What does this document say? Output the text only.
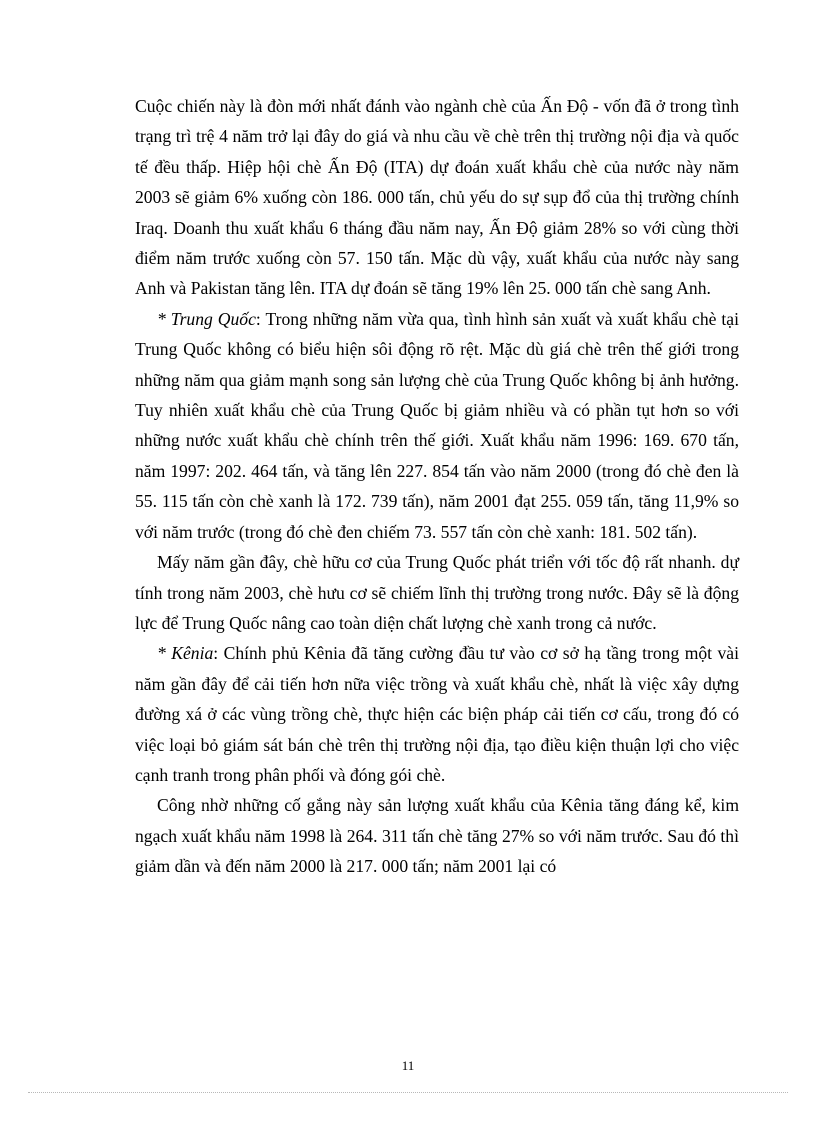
Cuộc chiến này là đòn mới nhất đánh vào ngành chè của Ấn Độ - vốn đã ở trong tình trạng trì trệ 4 năm trở lại đây do giá và nhu cầu về chè trên thị trường nội địa và quốc tế đều thấp. Hiệp hội chè Ấn Độ (ITA) dự đoán xuất khẩu chè của nước này năm 2003 sẽ giảm 6% xuống còn 186. 000 tấn, chủ yếu do sự sụp đổ của thị trường chính Iraq. Doanh thu xuất khẩu 6 tháng đầu năm nay, Ấn Độ giảm 28% so với cùng thời điểm năm trước xuống còn 57. 150 tấn. Mặc dù vậy, xuất khẩu của nước này sang Anh và Pakistan tăng lên. ITA dự đoán sẽ tăng 19% lên 25. 000 tấn chè sang Anh.

* Trung Quốc: Trong những năm vừa qua, tình hình sản xuất và xuất khẩu chè tại Trung Quốc không có biểu hiện sôi động rõ rệt. Mặc dù giá chè trên thế giới trong những năm qua giảm mạnh song sản lượng chè của Trung Quốc không bị ảnh hưởng. Tuy nhiên xuất khẩu chè của Trung Quốc bị giảm nhiều và có phần tụt hơn so với những nước xuất khẩu chè chính trên thế giới. Xuất khẩu năm 1996: 169. 670 tấn, năm 1997: 202. 464 tấn, và tăng lên 227. 854 tấn vào năm 2000 (trong đó chè đen là 55. 115 tấn còn chè xanh là 172. 739 tấn), năm 2001 đạt 255. 059 tấn, tăng 11,9% so với năm trước (trong đó chè đen chiếm 73. 557 tấn còn chè xanh: 181. 502 tấn).

Mấy năm gần đây, chè hữu cơ của Trung Quốc phát triển với tốc độ rất nhanh. dự tính trong năm 2003, chè hưu cơ sẽ chiếm lĩnh thị trường trong nước. Đây sẽ là động lực để Trung Quốc nâng cao toàn diện chất lượng chè xanh trong cả nước.

* Kênia: Chính phủ Kênia đã tăng cường đầu tư vào cơ sở hạ tầng trong một vài năm gần đây để cải tiến hơn nữa việc trồng và xuất khẩu chè, nhất là việc xây dựng đường xá ở các vùng trồng chè, thực hiện các biện pháp cải tiến cơ cấu, trong đó có việc loại bỏ giám sát bán chè trên thị trường nội địa, tạo điều kiện thuận lợi cho việc cạnh tranh trong phân phối và đóng gói chè.

Công nhờ những cố gắng này sản lượng xuất khẩu của Kênia tăng đáng kể, kim ngạch xuất khẩu năm 1998 là 264. 311 tấn chè tăng 27% so với năm trước. Sau đó thì giảm dần và đến năm 2000 là 217. 000 tấn; năm 2001 lại có

11
